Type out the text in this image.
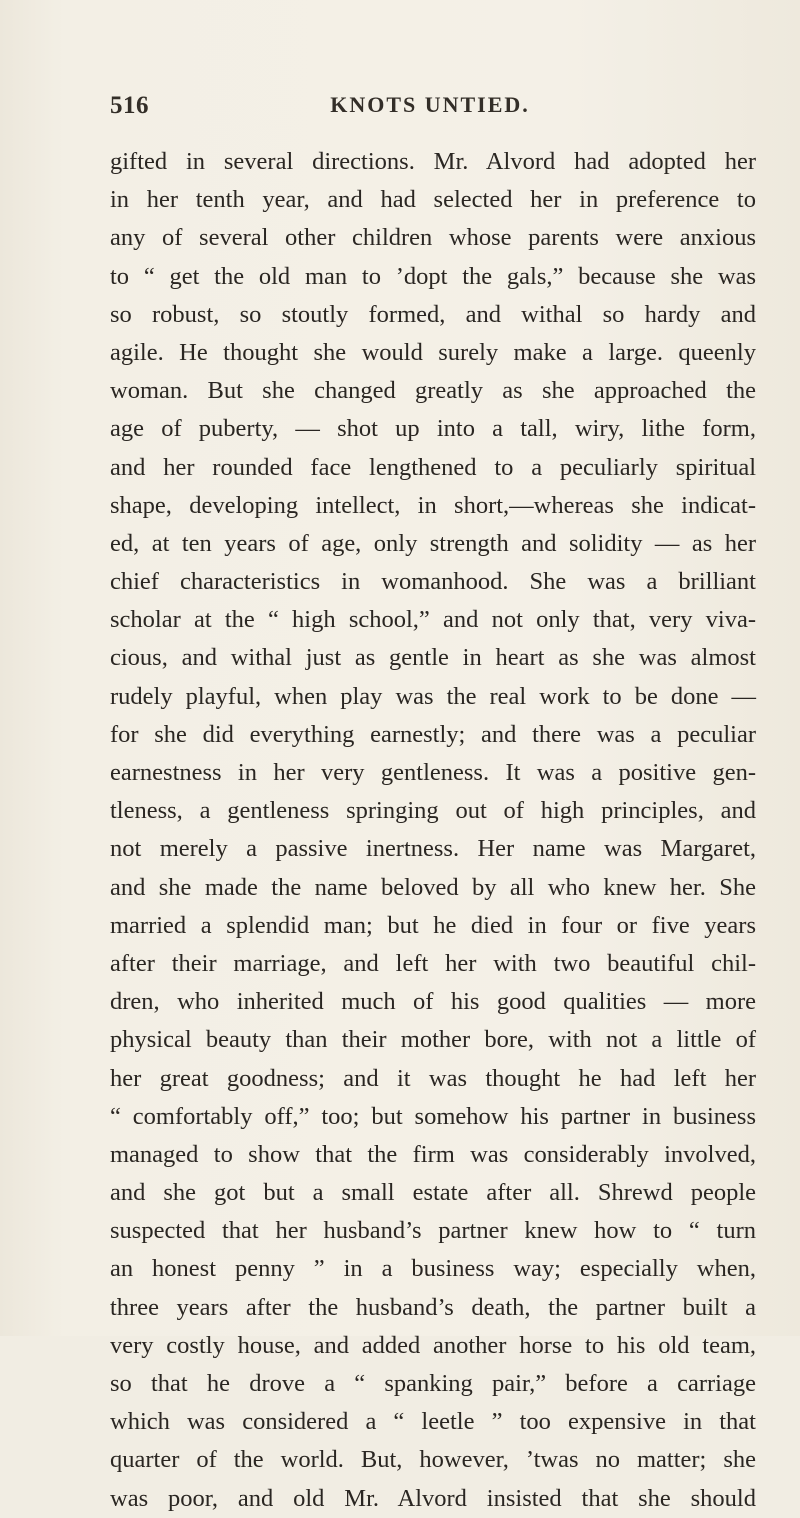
516	KNOTS UNTIED.
gifted in several directions. Mr. Alvord had adopted her
in her tenth year, and had selected her in preference to
any of several other children whose parents were anxious
to “ get the old man to ’dopt the gals,” because she was
so robust, so stoutly formed, and withal so hardy and
agile. He thought she would surely make a large. queenly
woman. But she changed greatly as she approached the
age of puberty, — shot up into a tall, wiry, lithe form,
and her rounded face lengthened to a peculiarly spiritual
shape, developing intellect, in short,—whereas she indicat-
ed, at ten years of age, only strength and solidity — as her
chief characteristics in womanhood. She was a brilliant
scholar at the “ high school,” and not only that, very viva-
cious, and withal just as gentle in heart as she was almost
rudely playful, when play was the real work to be done —
for she did everything earnestly; and there was a peculiar
earnestness in her very gentleness. It was a positive gen-
tleness, a gentleness springing out of high principles, and
not merely a passive inertness. Her name was Margaret,
and she made the name beloved by all who knew her. She
married a splendid man; but he died in four or five years
after their marriage, and left her with two beautiful chil-
dren, who inherited much of his good qualities — more
physical beauty than their mother bore, with not a little of
her great goodness; and it was thought he had left her
“ comfortably off,” too; but somehow his partner in business
managed to show that the firm was considerably involved,
and she got but a small estate after all. Shrewd people
suspected that her husband’s partner knew how to “ turn
an honest penny ” in a business way; especially when,
three years after the husband’s death, the partner built a
very costly house, and added another horse to his old team,
so that he drove a “ spanking pair,” before a carriage
which was considered a “ leetle ” too expensive in that
quarter of the world. But, however, ’twas no matter; she
was poor, and old Mr. Alvord insisted that she should
